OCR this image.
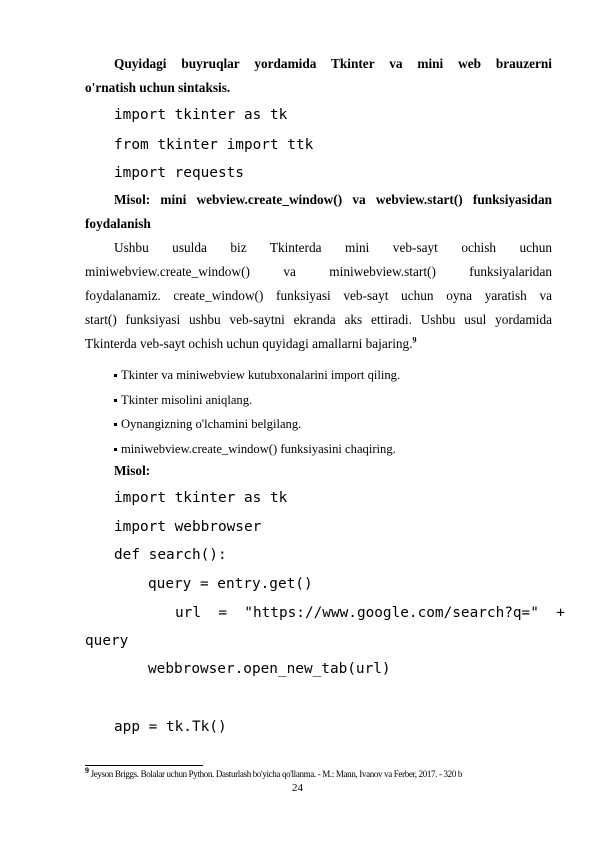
Quyidagi buyruqlar yordamida Tkinter va mini web brauzerni
o'rnatish uchun sintaksis.
import tkinter as tk
from tkinter import ttk
import requests
Misol: mini webview.create_window() va webview.start() funksiyasidan
foydalanish
Ushbu usulda biz Tkinterda mini veb-sayt ochish uchun
miniwebview.create_window() va miniwebview.start() funksiyalaridan
foydalanamiz. create_window() funksiyasi veb-sayt uchun oyna yaratish va
start() funksiyasi ushbu veb-saytni ekranda aks ettiradi. Ushbu usul yordamida
Tkinterda veb-sayt ochish uchun quyidagi amallarni bajaring.$^9$
Tkinter va miniwebview kutubxonalarini import qiling.
Tkinter misolini aniqlang.
Oynangizning o'lchamini belgilang.
miniwebview.create_window() funksiyasini chaqiring.
Misol:
import tkinter as tk
import webbrowser
def search():
query = entry.get()
url  =  "https://www.google.com/search?q="  +
query
webbrowser.open_new_tab(url)
app = tk.Tk()
$^9$ Jeyson Briggs. Bolalar uchun Python. Dasturlash bo'yicha qo'llanma. - M.: Mann, Ivanov va Ferber, 2017. - 320 b
24
